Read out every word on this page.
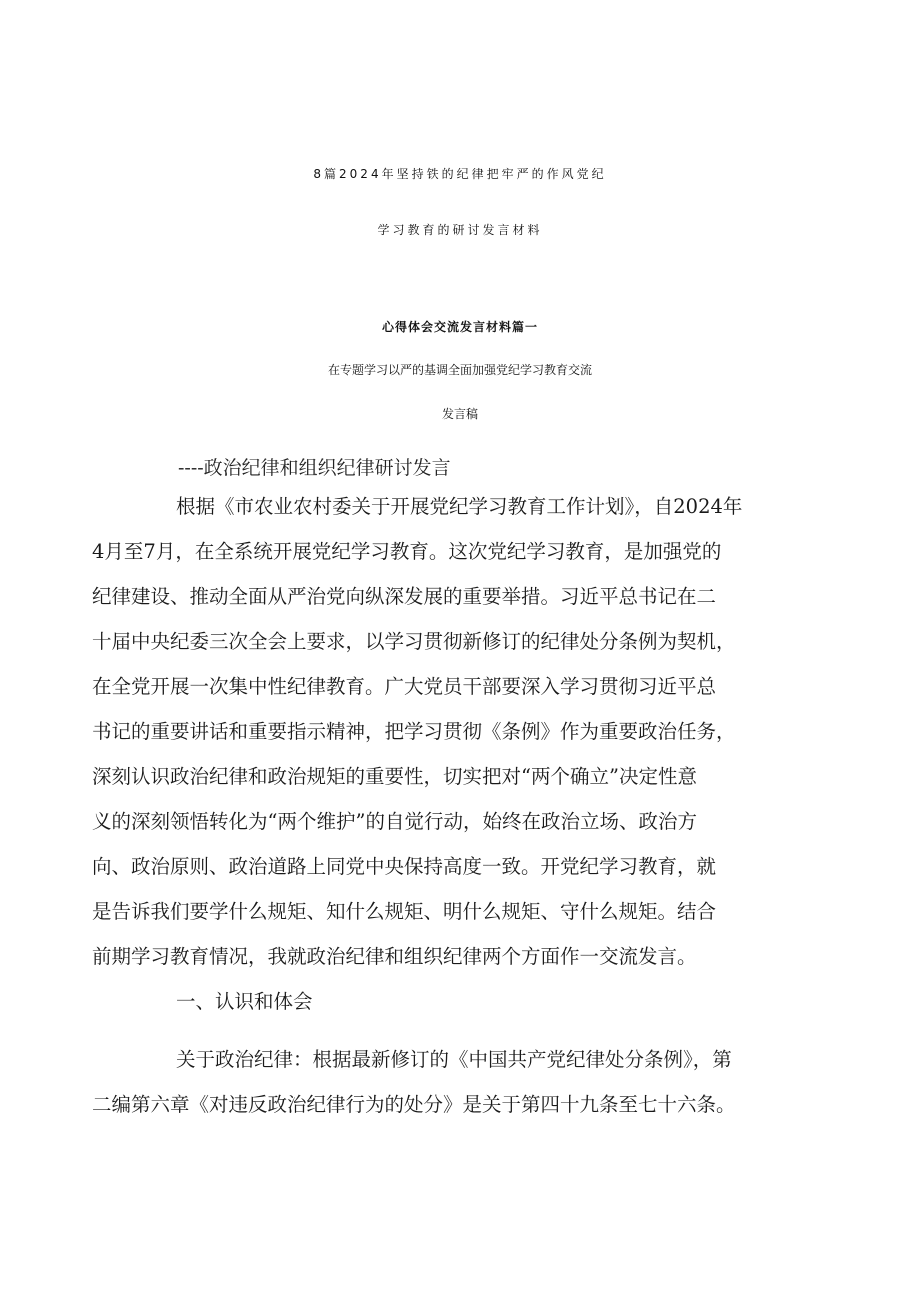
8篇2024年坚持铁的纪律把牢严的作风党纪
学习教育的研讨发言材料
心得体会交流发言材料篇一
在专题学习以严的基调全面加强党纪学习教育交流
发言稿
----政治纪律和组织纪律研讨发言
根据《市农业农村委关于开展党纪学习教育工作计划》，自2024年
4月至7月，在全系统开展党纪学习教育。这次党纪学习教育，是加强党的
纪律建设、推动全面从严治党向纵深发展的重要举措。习近平总书记在二
十届中央纪委三次全会上要求，以学习贯彻新修订的纪律处分条例为契机，
在全党开展一次集中性纪律教育。广大党员干部要深入学习贯彻习近平总
书记的重要讲话和重要指示精神，把学习贯彻《条例》作为重要政治任务，
深刻认识政治纪律和政治规矩的重要性，切实把对“两个确立”决定性意
义的深刻领悟转化为“两个维护”的自觉行动，始终在政治立场、政治方
向、政治原则、政治道路上同党中央保持高度一致。开党纪学习教育，就
是告诉我们要学什么规矩、知什么规矩、明什么规矩、守什么规矩。结合
前期学习教育情况，我就政治纪律和组织纪律两个方面作一交流发言。
一、认识和体会
关于政治纪律：根据最新修订的《中国共产党纪律处分条例》，第
二编第六章《对违反政治纪律行为的处分》是关于第四十九条至七十六条。
